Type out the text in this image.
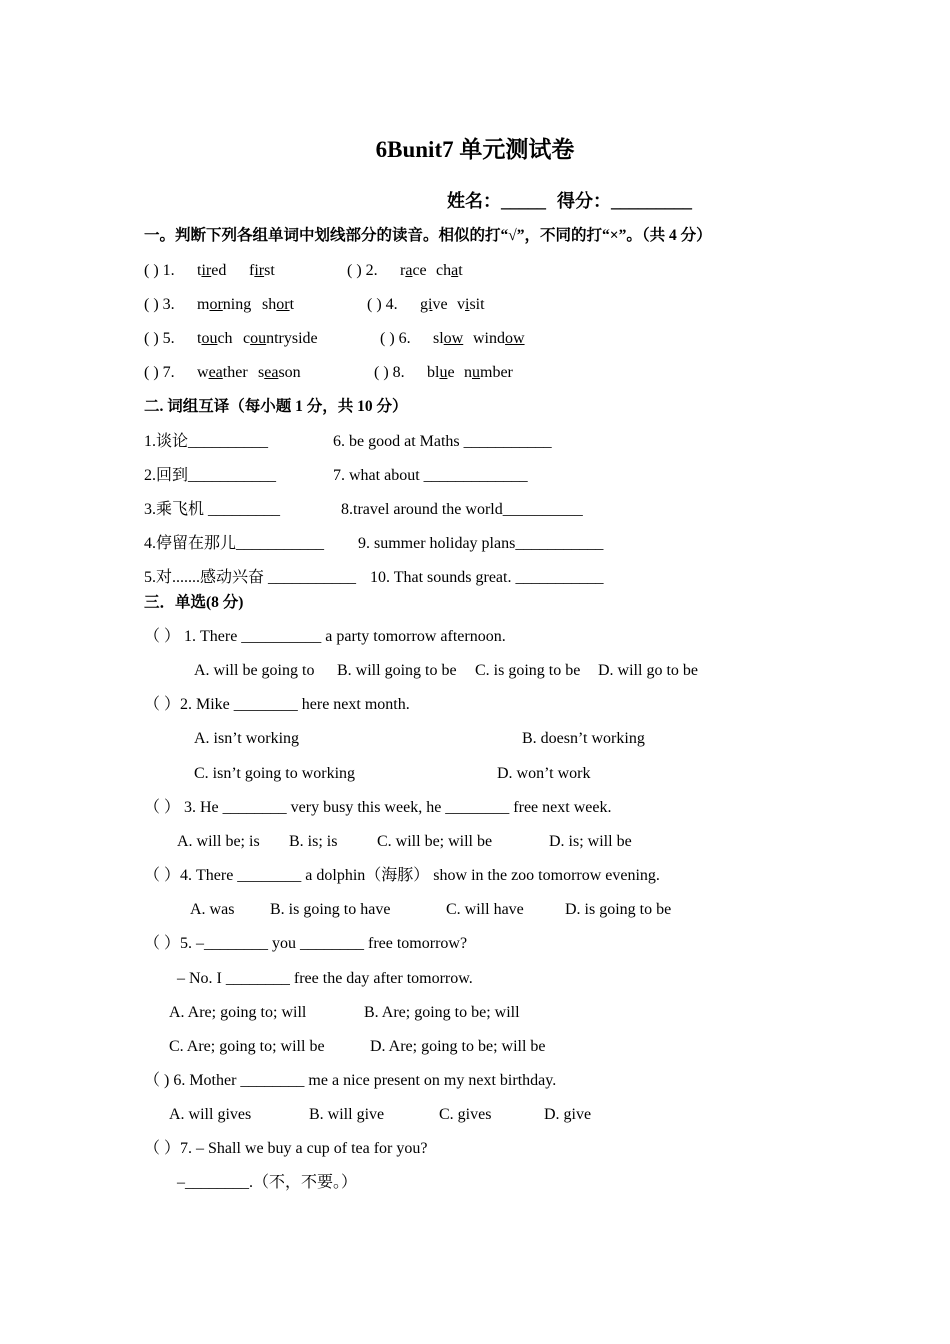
6Bunit7 单元测试卷
姓名：_____ 得分：_________
一。判断下列各组单词中划线部分的读音。相似的打“√”，不同的打“×”。（共 4 分）
( ) 1. tired first	( ) 2. race chat
( ) 3. morning short	( ) 4. give visit
( ) 5. touch countryside	( ) 6. slow window
( ) 7. weather season	( ) 8. blue number
二. 词组互译（每小题 1 分，共 10 分）
1.谈论__________
2.回到___________
3.乘飞机 _________
4.停留在那儿___________
5.对.......感动兴奋 ___________
6. be good at Maths ___________
7. what about _____________
8.travel around the world__________
9. summer holiday plans___________
10. That sounds great. ___________
三．单选(8 分)
（ ） 1. There __________ a party tomorrow afternoon.
A. will be going to B. will going to be C. is going to be D. will go to be
（ ）2. Mike ________ here next month.
A. isn’t working	B. doesn’t working
C. isn’t going to working	D. won’t work
（ ） 3. He ________ very busy this week, he ________ free next week.
A. will be; is B. is; is C. will be; will be	D. is; will be
（ ）4. There ________ a dolphin（海豚） show in the zoo tomorrow evening.
A. was B. is going to have	C. will have	D. is going to be
（ ）5. –________ you ________ free tomorrow?
– No. I ________ free the day after tomorrow.
A. Are; going to; will	B. Are; going to be; will
C. Are; going to; will be	D. Are; going to be; will be
（ ) 6. Mother ________ me a nice present on my next birthday.
A. will gives	B. will give	C. gives	D. give
（ ）7. – Shall we buy a cup of tea for you?
–________.（不，不要。）
